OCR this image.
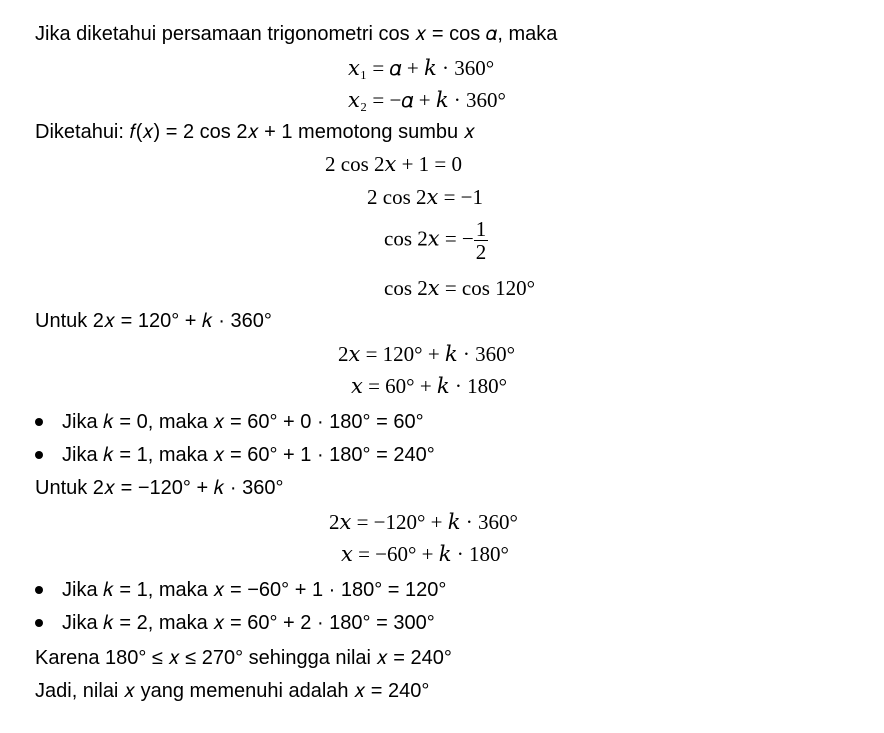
Jika diketahui persamaan trigonometri cos 𝑥 = cos 𝛼, maka
𝑥₁ = 𝛼 + 𝑘 · 360°
𝑥₂ = −𝛼 + 𝑘 · 360°
Diketahui: 𝑓(𝑥) = 2 cos 2𝑥 + 1 memotong sumbu 𝑥
2 cos 2𝑥 + 1 = 0
2 cos 2𝑥 = −1
cos 2𝑥 = − $\frac{1}{2}$
cos 2𝑥 = cos 120°
Untuk 2𝑥 = 120° + 𝑘 · 360°
2𝑥 = 120° + 𝑘 · 360°
𝑥 = 60° + 𝑘 · 180°
Jika 𝑘 = 0, maka 𝑥 = 60° + 0 · 180° = 60°
Jika 𝑘 = 1, maka 𝑥 = 60° + 1 · 180° = 240°
Untuk 2𝑥 = −120° + 𝑘 · 360°
2𝑥 = −120° + 𝑘 · 360°
𝑥 = −60° + 𝑘 · 180°
Jika 𝑘 = 1, maka 𝑥 = −60° + 1 · 180° = 120°
Jika 𝑘 = 2, maka 𝑥 = 60° + 2 · 180° = 300°
Karena 180° ≤ 𝑥 ≤ 270° sehingga nilai 𝑥 = 240°
Jadi, nilai 𝑥 yang memenuhi adalah 𝑥 = 240°
